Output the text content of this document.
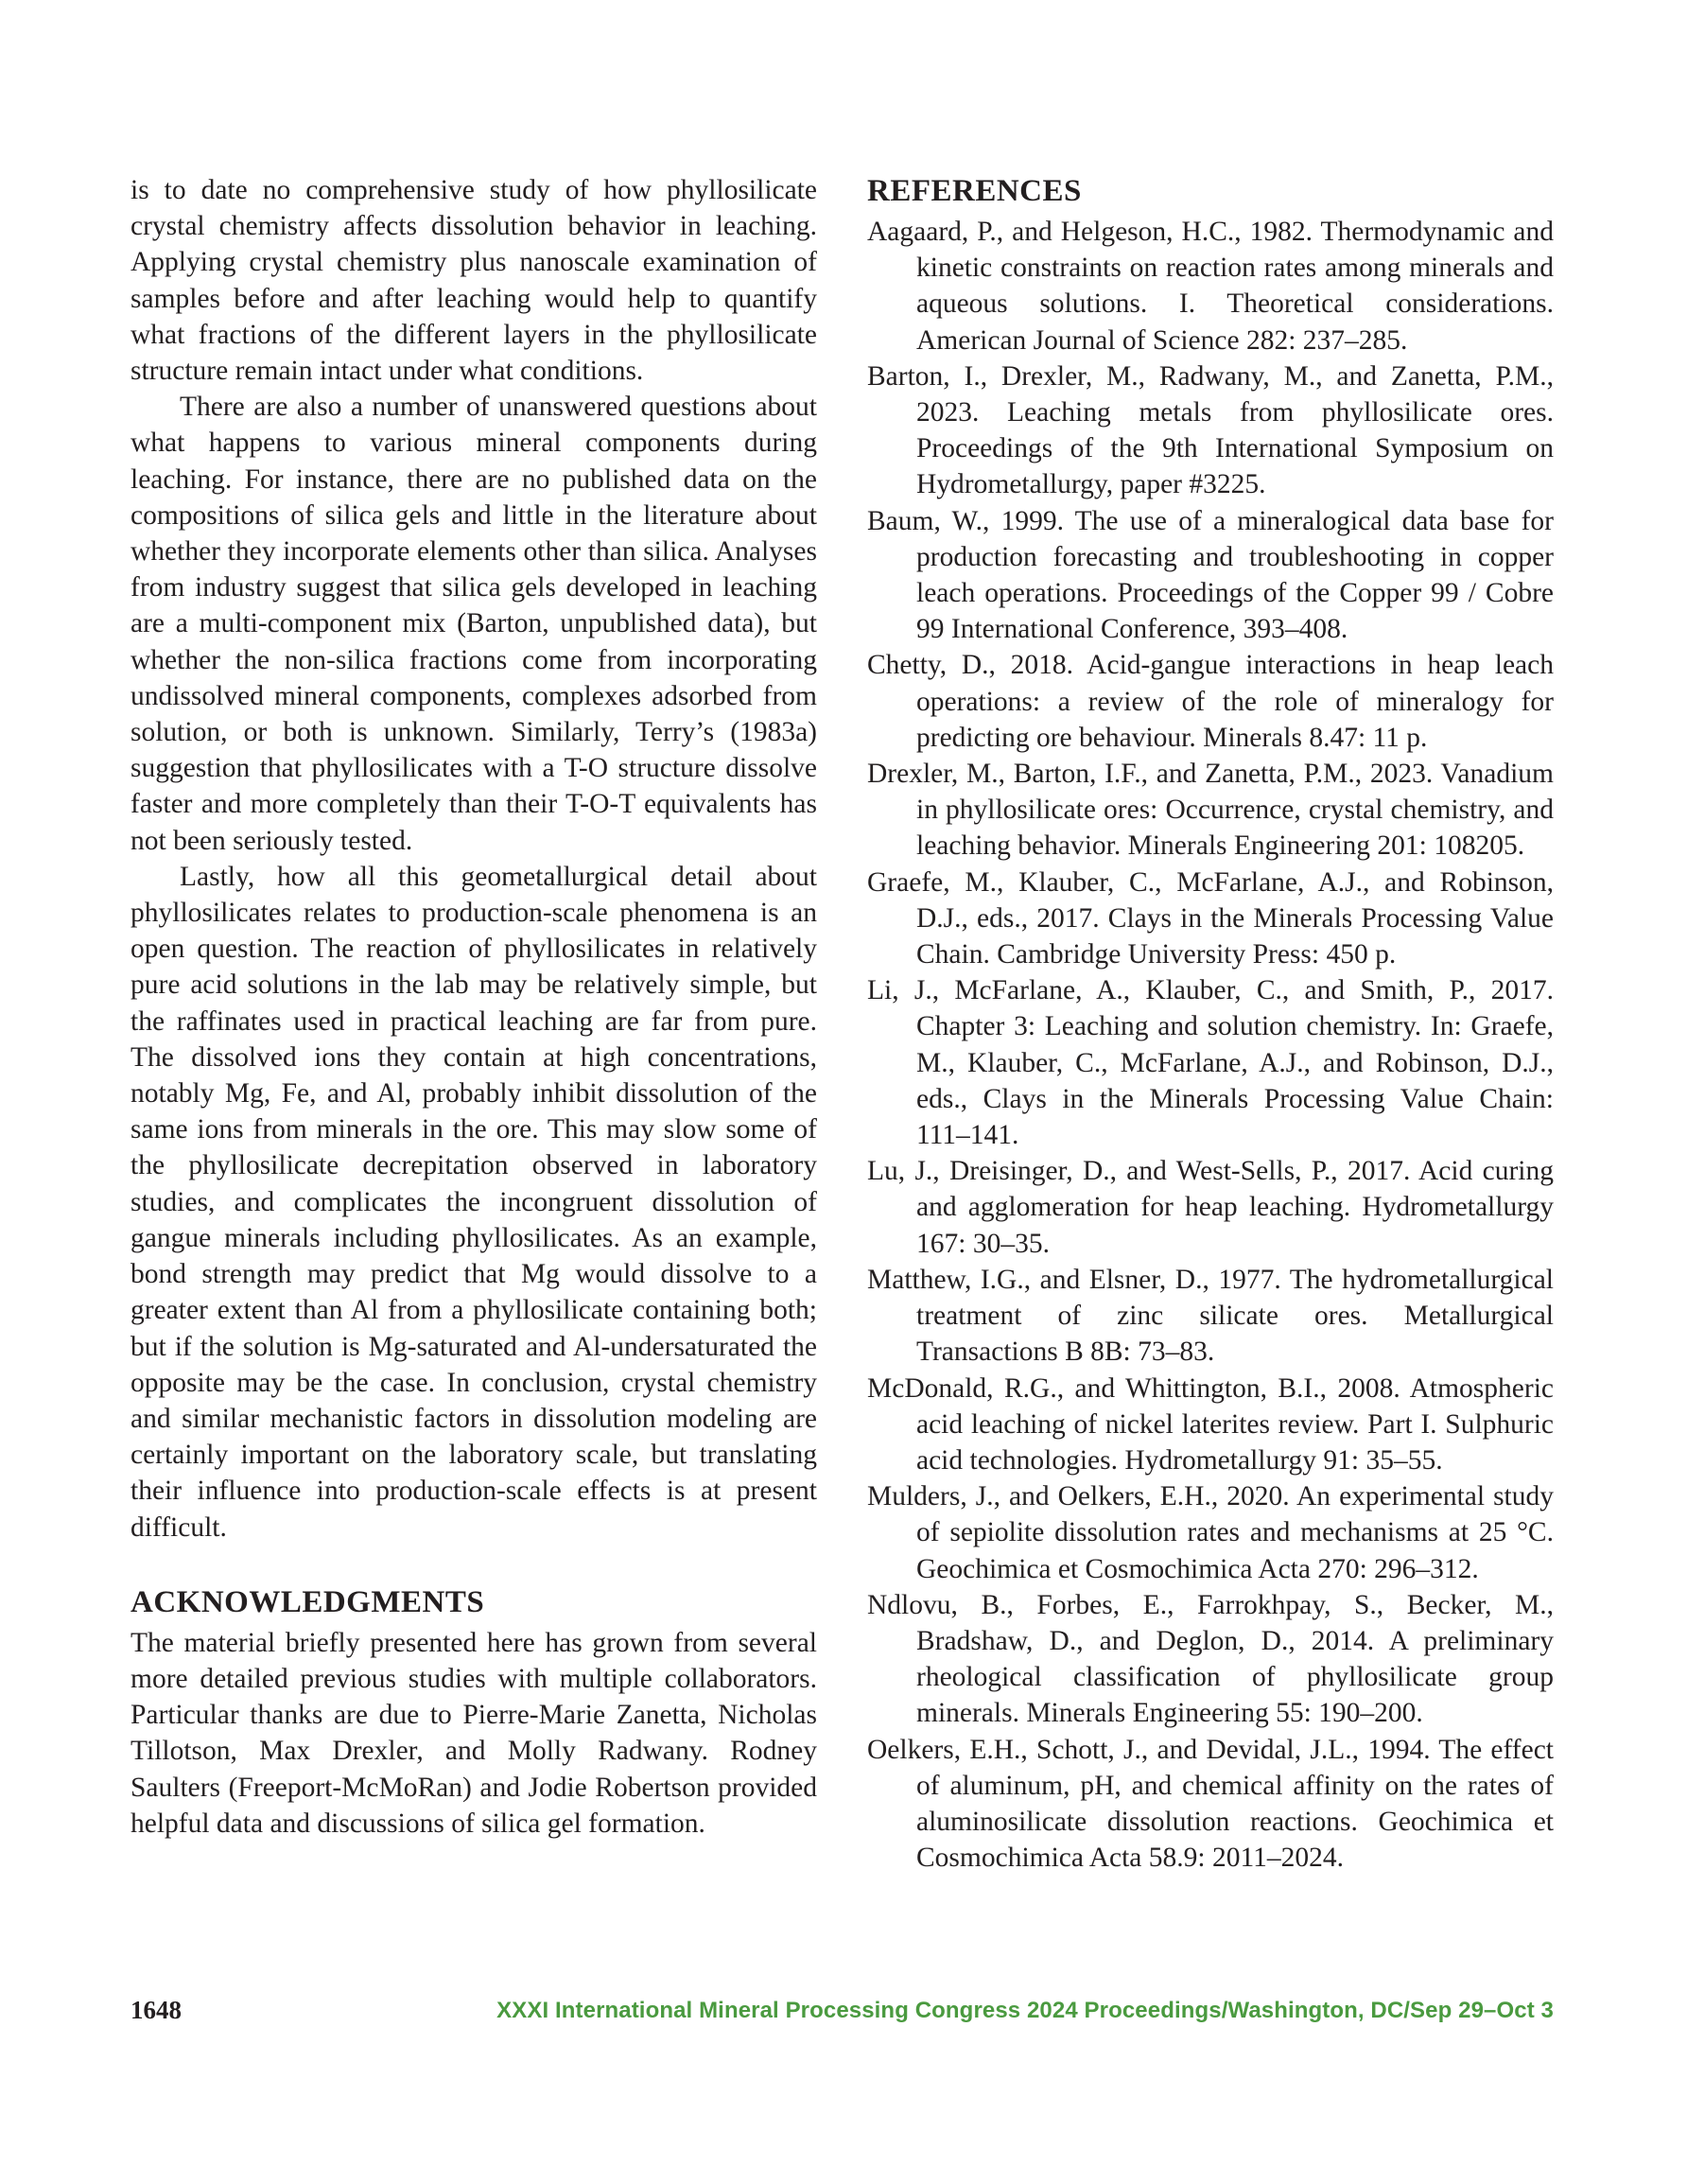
is to date no comprehensive study of how phyllosilicate crystal chemistry affects dissolution behavior in leaching. Applying crystal chemistry plus nanoscale examination of samples before and after leaching would help to quantify what fractions of the different layers in the phyllosilicate structure remain intact under what conditions.

There are also a number of unanswered questions about what happens to various mineral components during leaching. For instance, there are no published data on the compositions of silica gels and little in the literature about whether they incorporate elements other than silica. Analyses from industry suggest that silica gels developed in leaching are a multi-component mix (Barton, unpublished data), but whether the non-silica fractions come from incorporating undissolved mineral components, complexes adsorbed from solution, or both is unknown. Similarly, Terry’s (1983a) suggestion that phyllosilicates with a T-O structure dissolve faster and more completely than their T-O-T equivalents has not been seriously tested.

Lastly, how all this geometallurgical detail about phyllosilicates relates to production-scale phenomena is an open question. The reaction of phyllosilicates in relatively pure acid solutions in the lab may be relatively simple, but the raffinates used in practical leaching are far from pure. The dissolved ions they contain at high concentrations, notably Mg, Fe, and Al, probably inhibit dissolution of the same ions from minerals in the ore. This may slow some of the phyllosilicate decrepitation observed in laboratory studies, and complicates the incongruent dissolution of gangue minerals including phyllosilicates. As an example, bond strength may predict that Mg would dissolve to a greater extent than Al from a phyllosilicate containing both; but if the solution is Mg-saturated and Al-undersaturated the opposite may be the case. In conclusion, crystal chemistry and similar mechanistic factors in dissolution modeling are certainly important on the laboratory scale, but translating their influence into production-scale effects is at present difficult.

ACKNOWLEDGMENTS

The material briefly presented here has grown from several more detailed previous studies with multiple collaborators. Particular thanks are due to Pierre-Marie Zanetta, Nicholas Tillotson, Max Drexler, and Molly Radwany. Rodney Saulters (Freeport-McMoRan) and Jodie Robertson provided helpful data and discussions of silica gel formation.

REFERENCES

Aagaard, P., and Helgeson, H.C., 1982. Thermodynamic and kinetic constraints on reaction rates among minerals and aqueous solutions. I. Theoretical considerations. American Journal of Science 282: 237–285.

Barton, I., Drexler, M., Radwany, M., and Zanetta, P.M., 2023. Leaching metals from phyllosilicate ores. Proceedings of the 9th International Symposium on Hydrometallurgy, paper #3225.

Baum, W., 1999. The use of a mineralogical data base for production forecasting and troubleshooting in copper leach operations. Proceedings of the Copper 99 / Cobre 99 International Conference, 393–408.

Chetty, D., 2018. Acid-gangue interactions in heap leach operations: a review of the role of mineralogy for predicting ore behaviour. Minerals 8.47: 11 p.

Drexler, M., Barton, I.F., and Zanetta, P.M., 2023. Vanadium in phyllosilicate ores: Occurrence, crystal chemistry, and leaching behavior. Minerals Engineering 201: 108205.

Graefe, M., Klauber, C., McFarlane, A.J., and Robinson, D.J., eds., 2017. Clays in the Minerals Processing Value Chain. Cambridge University Press: 450 p.

Li, J., McFarlane, A., Klauber, C., and Smith, P., 2017. Chapter 3: Leaching and solution chemistry. In: Graefe, M., Klauber, C., McFarlane, A.J., and Robinson, D.J., eds., Clays in the Minerals Processing Value Chain: 111–141.

Lu, J., Dreisinger, D., and West-Sells, P., 2017. Acid curing and agglomeration for heap leaching. Hydrometallurgy 167: 30–35.

Matthew, I.G., and Elsner, D., 1977. The hydrometallurgical treatment of zinc silicate ores. Metallurgical Transactions B 8B: 73–83.

McDonald, R.G., and Whittington, B.I., 2008. Atmospheric acid leaching of nickel laterites review. Part I. Sulphuric acid technologies. Hydrometallurgy 91: 35–55.

Mulders, J., and Oelkers, E.H., 2020. An experimental study of sepiolite dissolution rates and mechanisms at 25 °C. Geochimica et Cosmochimica Acta 270: 296–312.

Ndlovu, B., Forbes, E., Farrokhpay, S., Becker, M., Bradshaw, D., and Deglon, D., 2014. A preliminary rheological classification of phyllosilicate group minerals. Minerals Engineering 55: 190–200.

Oelkers, E.H., Schott, J., and Devidal, J.L., 1994. The effect of aluminum, pH, and chemical affinity on the rates of aluminosilicate dissolution reactions. Geochimica et Cosmochimica Acta 58.9: 2011–2024.

1648	XXXI International Mineral Processing Congress 2024 Proceedings/Washington, DC/Sep 29–Oct 3
